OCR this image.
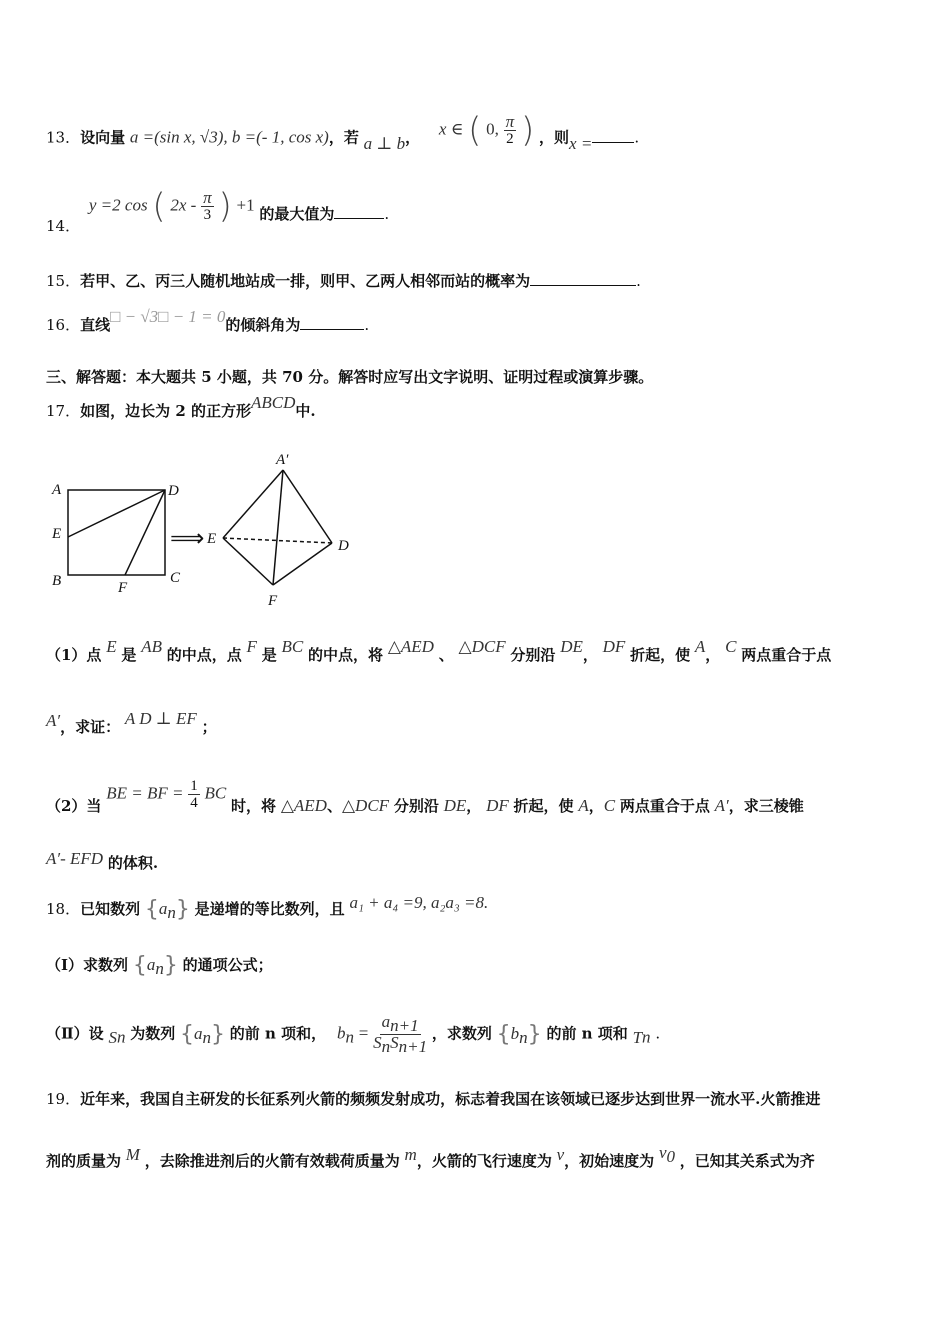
13．设向量 a =(sin x, √3), b =(- 1, cos x)，若 a ⊥ b， x ∈ ( 0, $\frac{\pi}{2}$ ) ，则x =	.
14． y =2 cos ( $2x - \frac{\pi}{3}$ ) +1 的最大值为	.
15．若甲、乙、丙三人随机地站成一排，则甲、乙两人相邻而站的概率为	.
16．直线□ − √3□ − 1 = 0的倾斜角为	.
三、解答题：本大题共 5 小题，共 70 分。解答时应写出文字说明、证明过程或演算步骤。
17．如图，边长为 2 的正方形ABCD中.
A	D
E
B	F
C
⟹
A′
E	D
F
（1）点 E 是 AB 的中点，点 F 是 BC 的中点，将 △AED 、 △DCF 分别沿 DE， DF 折起，使 A， C 两点重合于点
A′，求证： A D ⊥ EF ；
（2）当 BE = BF = $\frac{1}{4}$ BC 时，将 △AED、△DCF 分别沿 DE， DF 折起，使 A，C 两点重合于点 A′，求三棱锥
A′- EFD 的体积.
18．已知数列 $\{a_n\}$ 是递增的等比数列，且 a₁ + a₄ =9, a₂a₃ =8.
（Ⅰ）求数列 $\{a_n\}$ 的通项公式；
（Ⅱ）设 $S_n$ 为数列 $\{a_n\}$ 的前 n 项和， $b_n = \frac{a_{n+1}}{S_nS_{n+1}}$ ，求数列 $\{b_n\}$ 的前 n 项和 $T_n$ .
19．近年来，我国自主研发的长征系列火箭的频频发射成功，标志着我国在该领域已逐步达到世界一流水平.火箭推进
剂的质量为 M ，去除推进剂后的火箭有效载荷质量为 m，火箭的飞行速度为 v，初始速度为 $v_0$ ，已知其关系式为齐
